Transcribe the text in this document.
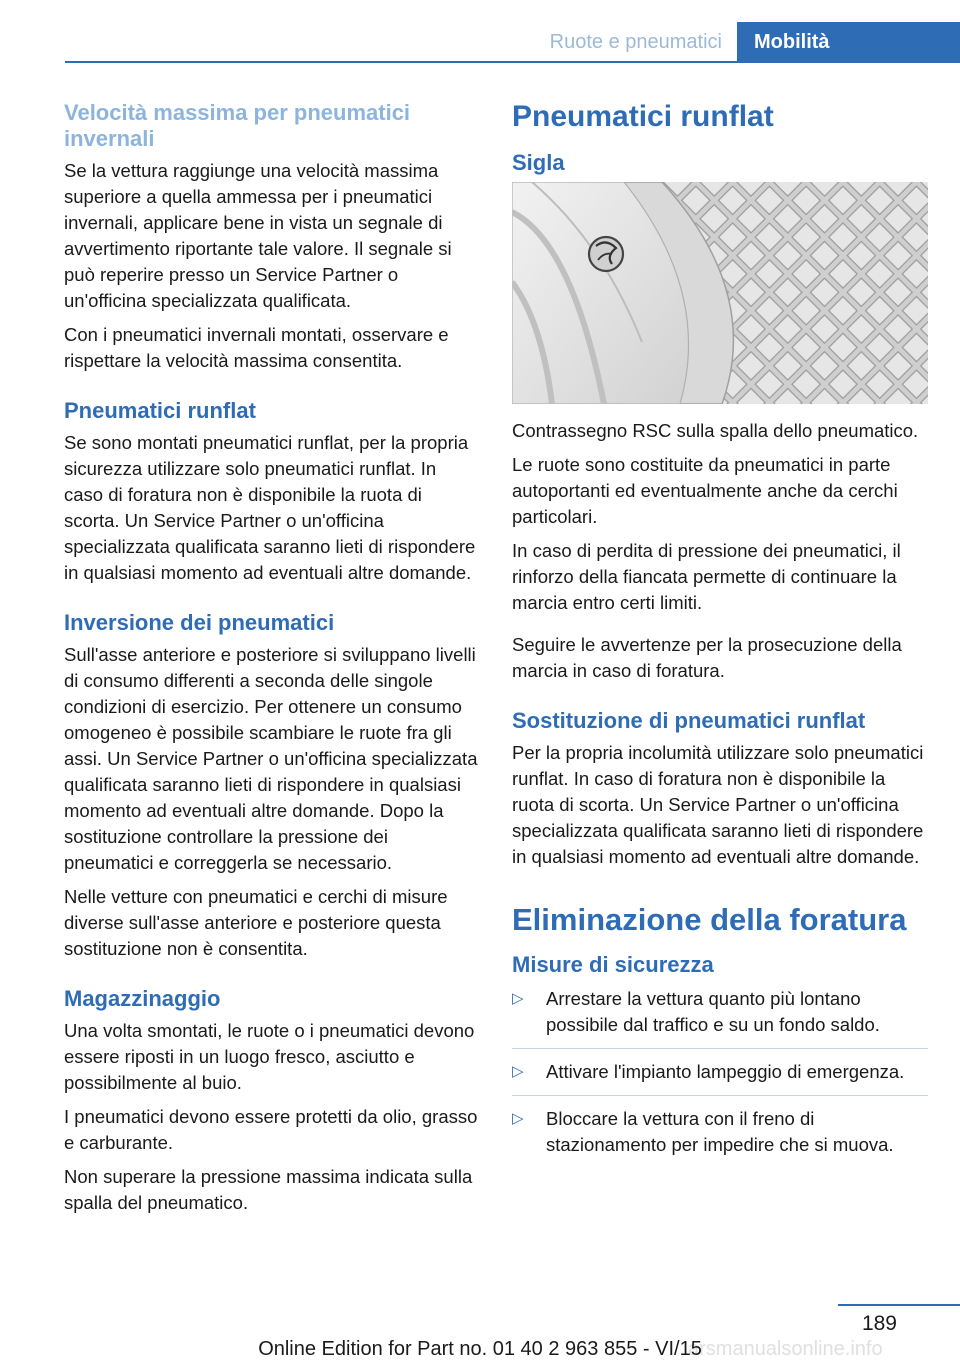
Ruote e pneumatici	Mobilità
Velocità massima per pneumatici invernali

Se la vettura raggiunge una velocità massima superiore a quella ammessa per i pneumatici invernali, applicare bene in vista un segnale di avvertimento riportante tale valore. Il segnale si può reperire presso un Service Partner o un'officina specializzata qualificata.

Con i pneumatici invernali montati, osservare e rispettare la velocità massima consentita.

Pneumatici runflat

Se sono montati pneumatici runflat, per la propria sicurezza utilizzare solo pneumatici runflat. In caso di foratura non è disponibile la ruota di scorta. Un Service Partner o un'officina specializzata qualificata saranno lieti di rispondere in qualsiasi momento ad eventuali altre domande.

Inversione dei pneumatici

Sull'asse anteriore e posteriore si sviluppano livelli di consumo differenti a seconda delle singole condizioni di esercizio. Per ottenere un consumo omogeneo è possibile scambiare le ruote fra gli assi. Un Service Partner o un'officina specializzata qualificata saranno lieti di rispondere in qualsiasi momento ad eventuali altre domande. Dopo la sostituzione controllare la pressione dei pneumatici e correggerla se necessario.

Nelle vetture con pneumatici e cerchi di misure diverse sull'asse anteriore e posteriore questa sostituzione non è consentita.

Magazzinaggio

Una volta smontati, le ruote o i pneumatici devono essere riposti in un luogo fresco, asciutto e possibilmente al buio.

I pneumatici devono essere protetti da olio, grasso e carburante.

Non superare la pressione massima indicata sulla spalla del pneumatico.

Pneumatici runflat
Sigla

Contrassegno RSC sulla spalla dello pneumatico.

Le ruote sono costituite da pneumatici in parte autoportanti ed eventualmente anche da cerchi particolari.

In caso di perdita di pressione dei pneumatici, il rinforzo della fiancata permette di continuare la marcia entro certi limiti.

Seguire le avvertenze per la prosecuzione della marcia in caso di foratura.

Sostituzione di pneumatici runflat

Per la propria incolumità utilizzare solo pneumatici runflat. In caso di foratura non è disponibile la ruota di scorta. Un Service Partner o un'officina specializzata qualificata saranno lieti di rispondere in qualsiasi momento ad eventuali altre domande.

Eliminazione della foratura
Misure di sicurezza
▷ Arrestare la vettura quanto più lontano possibile dal traffico e su un fondo saldo.
▷ Attivare l'impianto lampeggio di emergenza.
▷ Bloccare la vettura con il freno di stazionamento per impedire che si muova.
189
arsmanualsonline.info
Online Edition for Part no. 01 40 2 963 855 - VI/15
